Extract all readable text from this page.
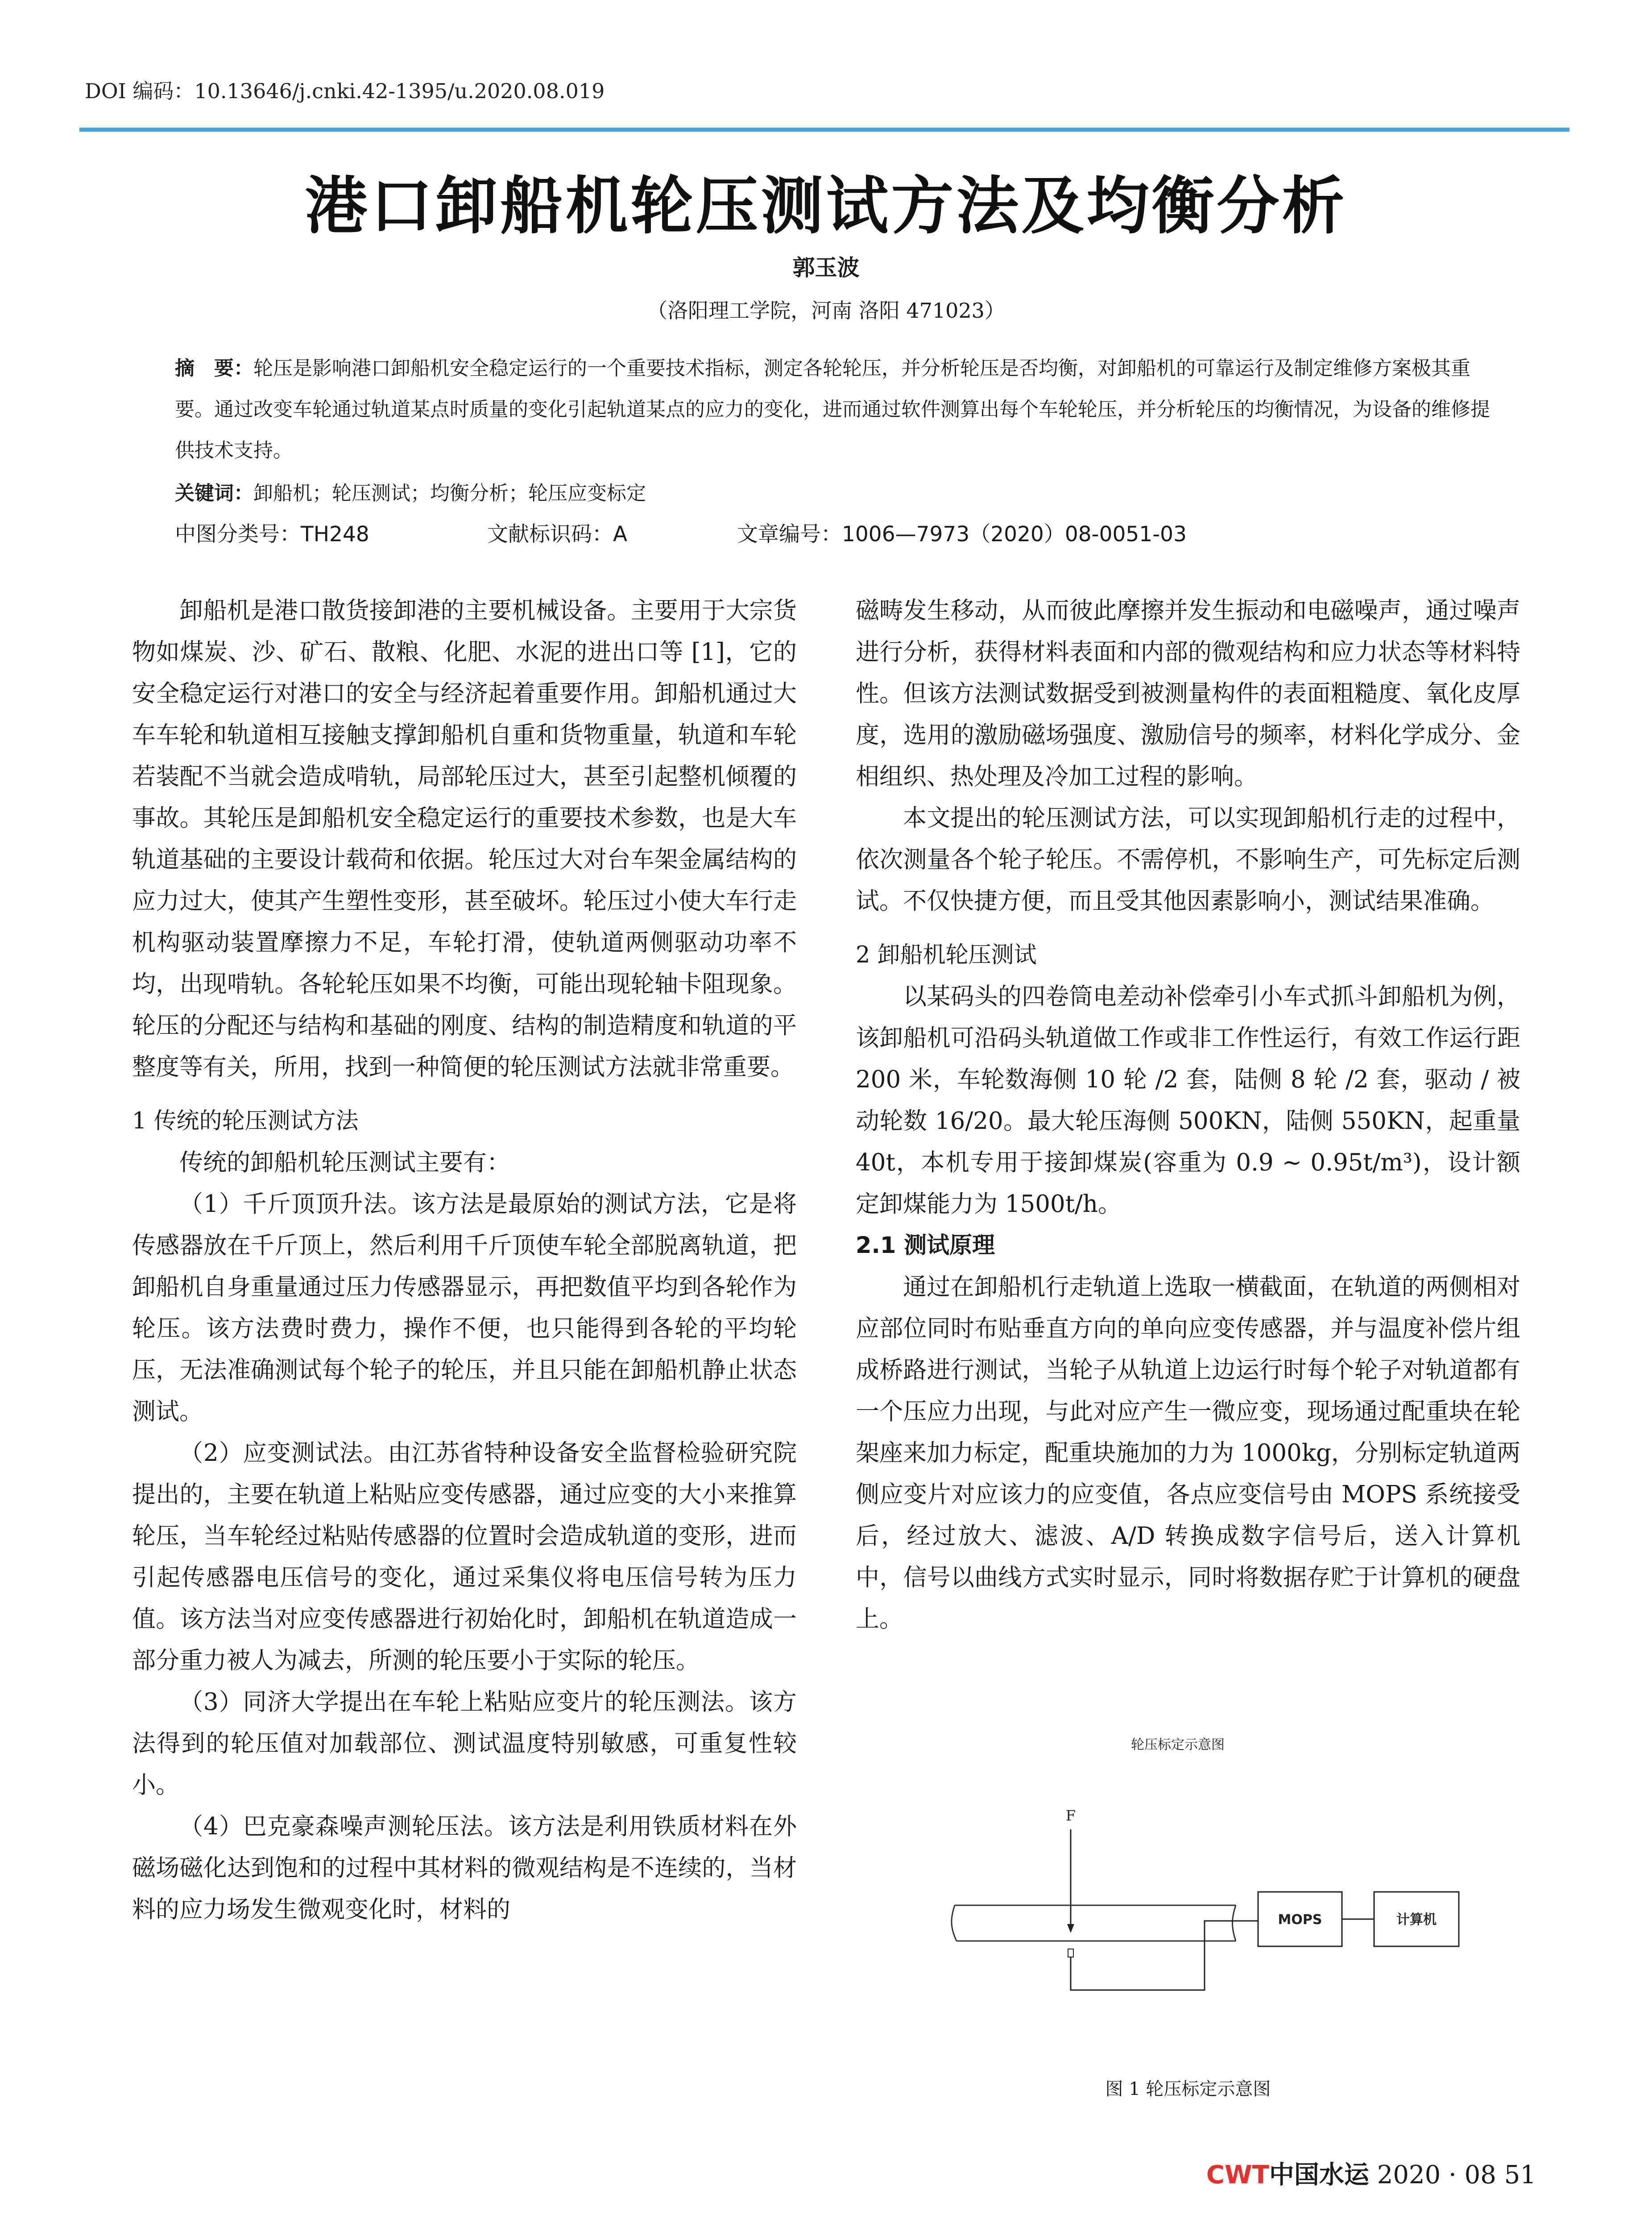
DOI 编码：10.13646/j.cnki.42-1395/u.2020.08.019
港口卸船机轮压测试方法及均衡分析
郭玉波
（洛阳理工学院，河南 洛阳 471023）
摘　要：轮压是影响港口卸船机安全稳定运行的一个重要技术指标，测定各轮轮压，并分析轮压是否均衡，对卸船机的可靠运行及制定维修方案极其重要。通过改变车轮通过轨道某点时质量的变化引起轨道某点的应力的变化，进而通过软件测算出每个车轮轮压，并分析轮压的均衡情况，为设备的维修提供技术支持。
关键词：卸船机；轮压测试；均衡分析；轮压应变标定
中图分类号：TH248	文献标识码：A	文章编号：1006—7973（2020）08-0051-03

卸船机是港口散货接卸港的主要机械设备。主要用于大宗货物如煤炭、沙、矿石、散粮、化肥、水泥的进出口等 [1]，它的安全稳定运行对港口的安全与经济起着重要作用。卸船机通过大车车轮和轨道相互接触支撑卸船机自重和货物重量，轨道和车轮若装配不当就会造成啃轨，局部轮压过大，甚至引起整机倾覆的事故。其轮压是卸船机安全稳定运行的重要技术参数，也是大车轨道基础的主要设计载荷和依据。轮压过大对台车架金属结构的应力过大，使其产生塑性变形，甚至破坏。轮压过小使大车行走机构驱动装置摩擦力不足，车轮打滑，使轨道两侧驱动功率不均，出现啃轨。各轮轮压如果不均衡，可能出现轮轴卡阻现象。轮压的分配还与结构和基础的刚度、结构的制造精度和轨道的平整度等有关，所用，找到一种简便的轮压测试方法就非常重要。

1 传统的轮压测试方法

传统的卸船机轮压测试主要有：

（1）千斤顶顶升法。该方法是最原始的测试方法，它是将传感器放在千斤顶上，然后利用千斤顶使车轮全部脱离轨道，把卸船机自身重量通过压力传感器显示，再把数值平均到各轮作为轮压。该方法费时费力，操作不便，也只能得到各轮的平均轮压，无法准确测试每个轮子的轮压，并且只能在卸船机静止状态测试。

（2）应变测试法。由江苏省特种设备安全监督检验研究院提出的，主要在轨道上粘贴应变传感器，通过应变的大小来推算轮压，当车轮经过粘贴传感器的位置时会造成轨道的变形，进而引起传感器电压信号的变化，通过采集仪将电压信号转为压力值。该方法当对应变传感器进行初始化时，卸船机在轨道造成一部分重力被人为减去，所测的轮压要小于实际的轮压。

（3）同济大学提出在车轮上粘贴应变片的轮压测法。该方法得到的轮压值对加载部位、测试温度特别敏感，可重复性较小。

（4）巴克豪森噪声测轮压法。该方法是利用铁质材料在外磁场磁化达到饱和的过程中其材料的微观结构是不连续的，当材料的应力场发生微观变化时，材料的

磁畴发生移动，从而彼此摩擦并发生振动和电磁噪声，通过噪声进行分析，获得材料表面和内部的微观结构和应力状态等材料特性。但该方法测试数据受到被测量构件的表面粗糙度、氧化皮厚度，选用的激励磁场强度、激励信号的频率，材料化学成分、金相组织、热处理及冷加工过程的影响。

本文提出的轮压测试方法，可以实现卸船机行走的过程中，依次测量各个轮子轮压。不需停机，不影响生产，可先标定后测试。不仅快捷方便，而且受其他因素影响小，测试结果准确。

2 卸船机轮压测试

以某码头的四卷筒电差动补偿牵引小车式抓斗卸船机为例，该卸船机可沿码头轨道做工作或非工作性运行，有效工作运行距 200 米，车轮数海侧 10 轮 /2 套，陆侧 8 轮 /2 套，驱动 / 被动轮数 16/20。最大轮压海侧 500KN，陆侧 550KN，起重量 40t，本机专用于接卸煤炭(容重为 0.9 ~ 0.95t/m³)，设计额定卸煤能力为 1500t/h。

2.1 测试原理

通过在卸船机行走轨道上选取一横截面，在轨道的两侧相对应部位同时布贴垂直方向的单向应变传感器，并与温度补偿片组成桥路进行测试，当轮子从轨道上边运行时每个轮子对轨道都有一个压应力出现，与此对应产生一微应变，现场通过配重块在轮架座来加力标定，配重块施加的力为 1000kg，分别标定轨道两侧应变片对应该力的应变值，各点应变信号由 MOPS 系统接受后，经过放大、滤波、A/D 转换成数字信号后，送入计算机中，信号以曲线方式实时显示，同时将数据存贮于计算机的硬盘上。

轮压标定示意图
F
MOPS	计算机
图 1 轮压标定示意图
CWT中国水运 2020 · 08 51
